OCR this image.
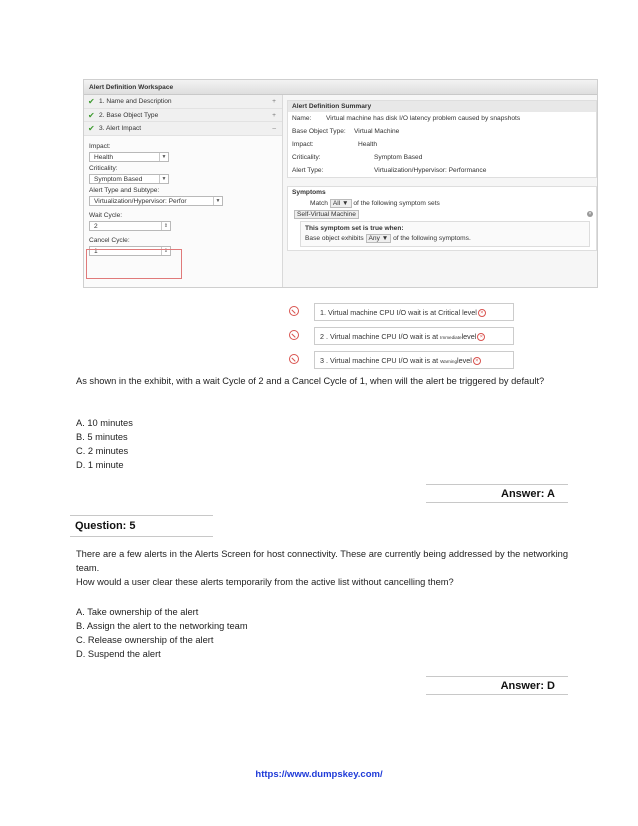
Alert Definition Workspace
✔ 1. Name and Description	+
✔ 2. Base Object Type	+
✔ 3. Alert Impact	–
Impact:
Health	▼
Criticality:
Symptom Based	▼
Alert Type and Subtype:
Virtualization/Hypervisor: Perfor	▼
Wait Cycle:
2	⇕
Cancel Cycle:
1	⇕
Alert Definition Summary
Name: Virtual machine has disk I/O latency problem caused by snapshots
Base Object Type: Virtual Machine
Impact:	Health
Criticality:	Symptom Based
Alert Type:	Virtualization/Hypervisor: Performance
Symptoms
Match All ▼ of the following symptom sets
Self-Virtual Machine
This symptom set is true when:
Base object exhibits Any ▼ of the following symptoms.
×
1. Virtual machine CPU I/O wait is at Critical level ×
2 . Virtual machine CPU I/O wait is at Immediatelevel ×
3 . Virtual machine CPU I/O wait is at Warninglevel ×
As shown in the exhibit, with a wait Cycle of 2 and a Cancel Cycle of 1, when will the alert be triggered by default?
A. 10 minutes
B. 5 minutes
C. 2 minutes
D. 1 minute
Answer: A
Question: 5
There are a few alerts in the Alerts Screen for host connectivity. These are currently being addressed by the networking team.
How would a user clear these alerts temporarily from the active list without cancelling them?
A. Take ownership of the alert
B. Assign the alert to the networking team
C. Release ownership of the alert
D. Suspend the alert
Answer: D
https://www.dumpskey.com/
